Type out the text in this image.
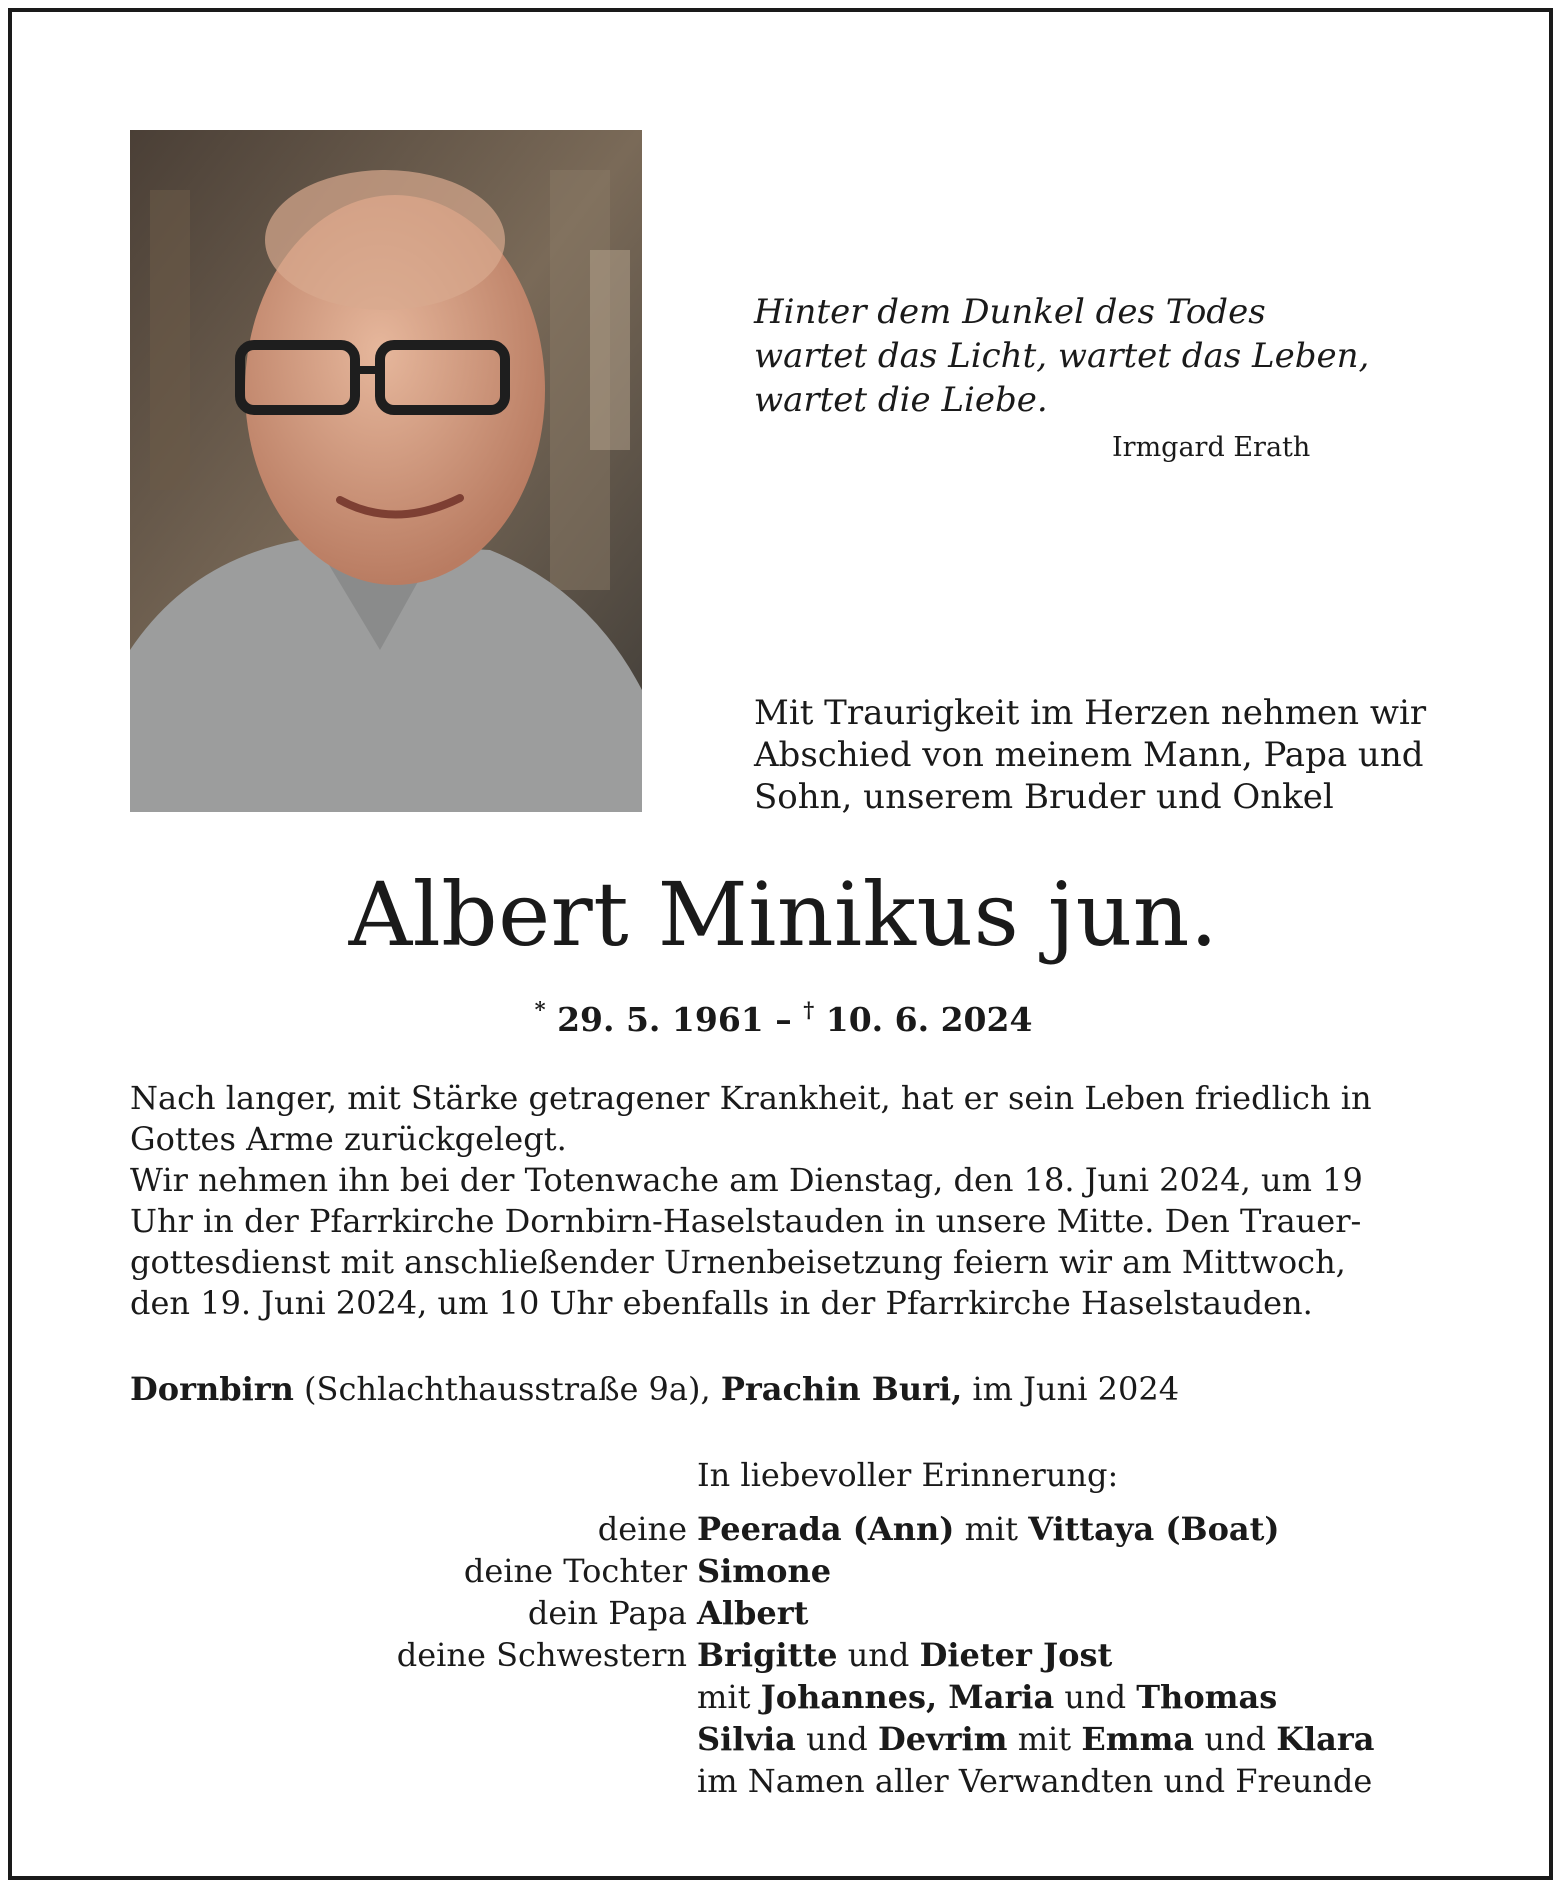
Hinter dem Dunkel des Todes
wartet das Licht, wartet das Leben,
wartet die Liebe.
Irmgard Erath
Mit Traurigkeit im Herzen nehmen wir
Abschied von meinem Mann, Papa und
Sohn, unserem Bruder und Onkel
Albert Minikus jun.
* 29. 5. 1961 – † 10. 6. 2024
Nach langer, mit Stärke getragener Krankheit, hat er sein Leben friedlich in
Gottes Arme zurückgelegt.
Wir nehmen ihn bei der Totenwache am Dienstag, den 18. Juni 2024, um 19
Uhr in der Pfarrkirche Dornbirn-Haselstauden in unsere Mitte. Den Trauer-
gottesdienst mit anschließender Urnenbeisetzung feiern wir am Mittwoch,
den 19. Juni 2024, um 10 Uhr ebenfalls in der Pfarrkirche Haselstauden.
Dornbirn (Schlachthausstraße 9a), Prachin Buri, im Juni 2024
In liebevoller Erinnerung:
deine Peerada (Ann) mit Vittaya (Boat)
deine Tochter Simone
dein Papa Albert
deine Schwestern Brigitte und Dieter Jost
mit Johannes, Maria und Thomas
Silvia und Devrim mit Emma und Klara
im Namen aller Verwandten und Freunde
